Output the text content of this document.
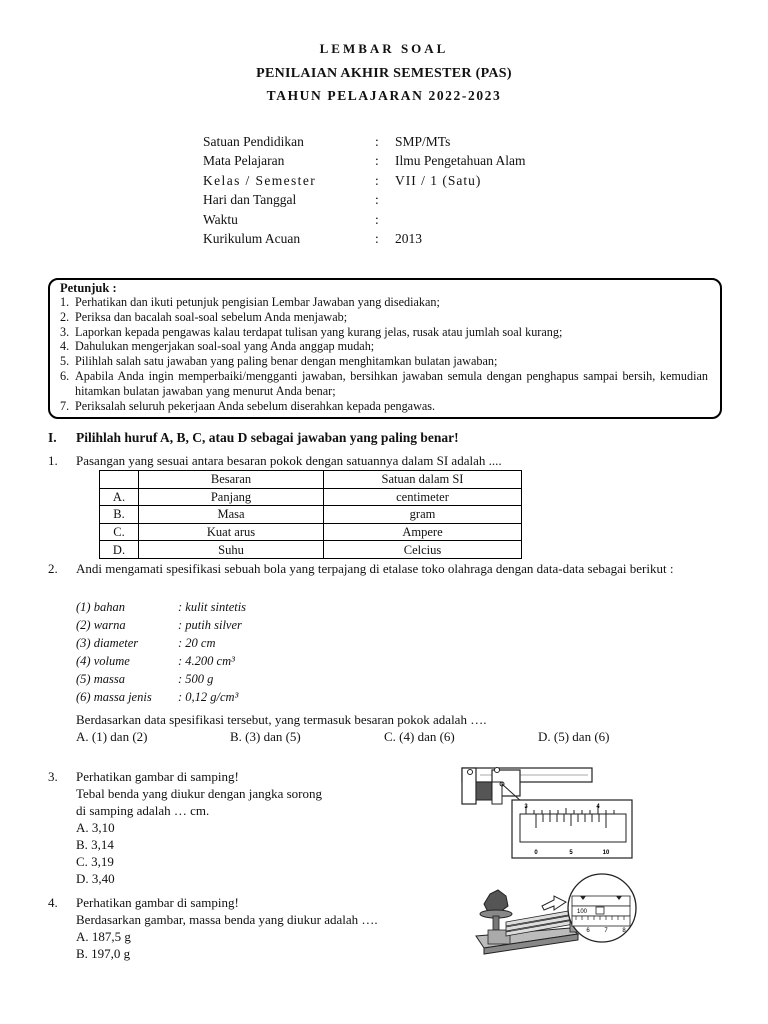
LEMBAR SOAL
PENILAIAN AKHIR SEMESTER (PAS)
TAHUN PELAJARAN 2022-2023
Satuan Pendidikan	:	SMP/MTs
Mata Pelajaran	:	Ilmu Pengetahuan Alam
Kelas / Semester	:	VII / 1 (Satu)
Hari dan Tanggal	:
Waktu	:
Kurikulum Acuan	:	2013
Petunjuk :
1. Perhatikan dan ikuti petunjuk pengisian Lembar Jawaban yang disediakan;
2. Periksa dan bacalah soal-soal sebelum Anda menjawab;
3. Laporkan kepada pengawas kalau terdapat tulisan yang kurang jelas, rusak atau jumlah soal kurang;
4. Dahulukan mengerjakan soal-soal yang Anda anggap mudah;
5. Pilihlah salah satu jawaban yang paling benar dengan menghitamkan bulatan jawaban;
6. Apabila Anda ingin memperbaiki/mengganti jawaban, bersihkan jawaban semula dengan penghapus sampai bersih, kemudian hitamkan bulatan jawaban yang menurut Anda benar;
7. Periksalah seluruh pekerjaan Anda sebelum diserahkan kepada pengawas.
I.	Pilihlah huruf A, B, C, atau D sebagai jawaban yang paling benar!
1.	Pasangan yang sesuai antara besaran pokok dengan satuannya dalam SI adalah ....
	Besaran	Satuan dalam SI
A.	Panjang	centimeter
B.	Masa	gram
C.	Kuat arus	Ampere
D.	Suhu	Celcius
2.	Andi mengamati spesifikasi sebuah bola yang terpajang di etalase toko olahraga dengan data-data sebagai berikut :
(1) bahan	: kulit sintetis
(2) warna	: putih silver
(3) diameter	: 20 cm
(4) volume	: 4.200 cm³
(5) massa	: 500 g
(6) massa jenis	: 0,12 g/cm³
Berdasarkan data spesifikasi tersebut, yang termasuk besaran pokok adalah ….
A. (1) dan (2)	B. (3) dan (5)	C. (4) dan (6)	D. (5) dan (6)
3.	Perhatikan gambar di samping!
Tebal benda yang diukur dengan jangka sorong
di samping adalah … cm.
A. 3,10
B. 3,14
C. 3,19
D. 3,40
3	4
0	5	10
4.	Perhatikan gambar di samping!
Berdasarkan gambar, massa benda yang diukur adalah ….
A. 187,5 g
B. 197,0 g
100
6 7 8
